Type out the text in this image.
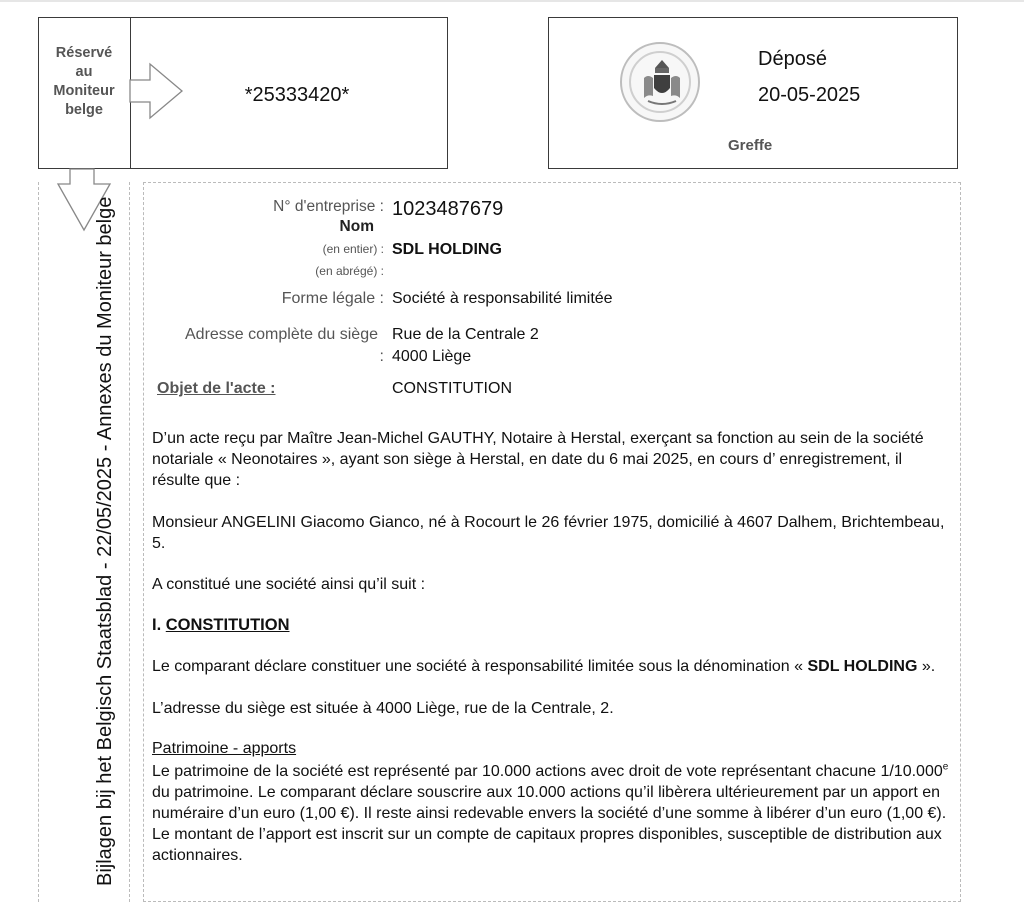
Réservé
au
Moniteur
belge
*25333420*
Déposé
20-05-2025
Greffe
Bijlagen bij het Belgisch Staatsblad - 22/05/2025 - Annexes du Moniteur belge	N° d'entreprise : 1023487679
Nom
(en entier) : SDL HOLDING
(en abrégé) :
Forme légale : Société à responsabilité limitée
Adresse complète du siège
:
Rue de la Centrale 2
4000 Liège
Objet de l'acte :	CONSTITUTION
D’un acte reçu par Maître Jean-Michel GAUTHY, Notaire à Herstal, exerçant sa fonction au sein de la société notariale « Neonotaires », ayant son siège à Herstal, en date du 6 mai 2025, en cours d’ enregistrement, il résulte que :
Monsieur ANGELINI Giacomo Gianco, né à Rocourt le 26 février 1975, domicilié à 4607 Dalhem, Brichtembeau, 5.
A constitué une société ainsi qu’il suit :
I. CONSTITUTION
Le comparant déclare constituer une société à responsabilité limitée sous la dénomination « SDL HOLDING ».
L’adresse du siège est située à 4000 Liège, rue de la Centrale, 2.
Patrimoine - apports
Le patrimoine de la société est représenté par 10.000 actions avec droit de vote représentant chacune 1/10.000e du patrimoine. Le comparant déclare souscrire aux 10.000 actions qu’il libèrera ultérieurement par un apport en numéraire d’un euro (1,00 €). Il reste ainsi redevable envers la société d’une somme à libérer d’un euro (1,00 €).
Le montant de l’apport est inscrit sur un compte de capitaux propres disponibles, susceptible de distribution aux actionnaires.
